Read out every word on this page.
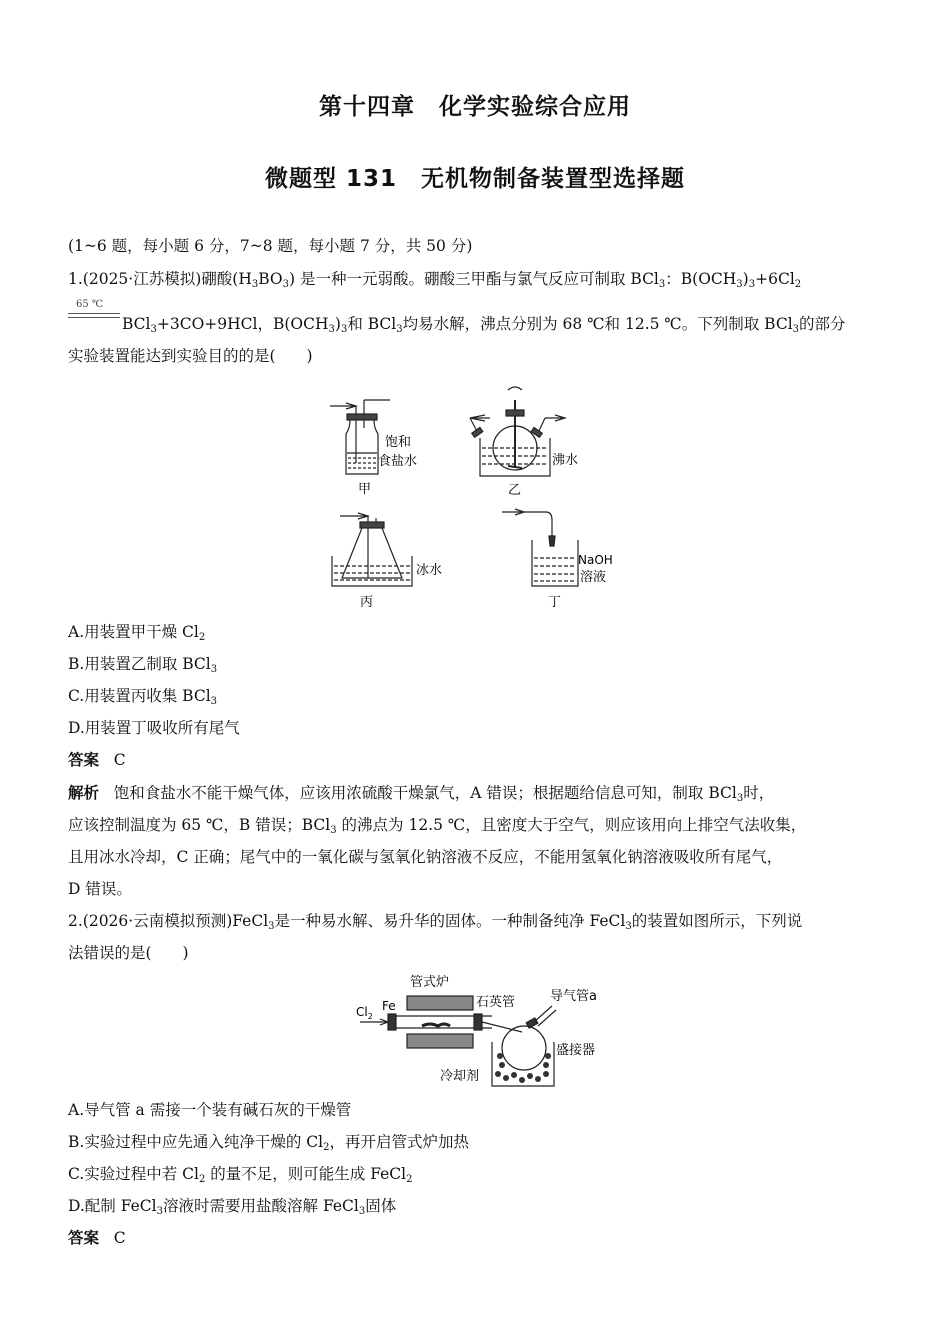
第十四章　化学实验综合应用
微题型 131　无机物制备装置型选择题
(1~6 题，每小题 6 分，7~8 题，每小题 7 分，共 50 分)
1.(2025·江苏模拟)硼酸$(H_3BO_3)$ 是一种一元弱酸。硼酸三甲酯与氯气反应可制取 BCl$_3$：$B(OCH_3)_3+6Cl_2$
65 ℃
BCl$_3$+3CO+9HCl，$B(OCH_3)_3$和 BCl$_3$均易水解，沸点分别为 68 ℃和 12.5 ℃。下列制取 BCl$_3$的部分
实验装置能达到实验目的的是(　　)
饱和
食盐水
甲
沸水
乙
冰水
丙
NaOH
溶液
丁
A.用装置甲干燥 $Cl_2$
B.用装置乙制取 BCl$_3$
C.用装置丙收集 BCl$_3$
D.用装置丁吸收所有尾气
答案 C
解析 饱和食盐水不能干燥气体，应该用浓硫酸干燥氯气，A 错误；根据题给信息可知，制取 BCl$_3$时，
应该控制温度为 65 ℃，B 错误；BCl$_3$ 的沸点为 12.5 ℃，且密度大于空气，则应该用向上排空气法收集，
且用冰水冷却，C 正确；尾气中的一氧化碳与氢氧化钠溶液不反应，不能用氢氧化钠溶液吸收所有尾气，
D 错误。
2.(2026·云南模拟预测)FeCl$_3$是一种易水解、易升华的固体。一种制备纯净 FeCl$_3$的装置如图所示，下列说
法错误的是(　　)
管式炉
Fe
$Cl_2$
石英管	导气管a
盛接器
冷却剂
A.导气管 a 需接一个装有碱石灰的干燥管
B.实验过程中应先通入纯净干燥的 $Cl_2$，再开启管式炉加热
C.实验过程中若 $Cl_2$ 的量不足，则可能生成 FeCl$_2$
D.配制 FeCl$_3$溶液时需要用盐酸溶解 FeCl$_3$固体
答案 C
